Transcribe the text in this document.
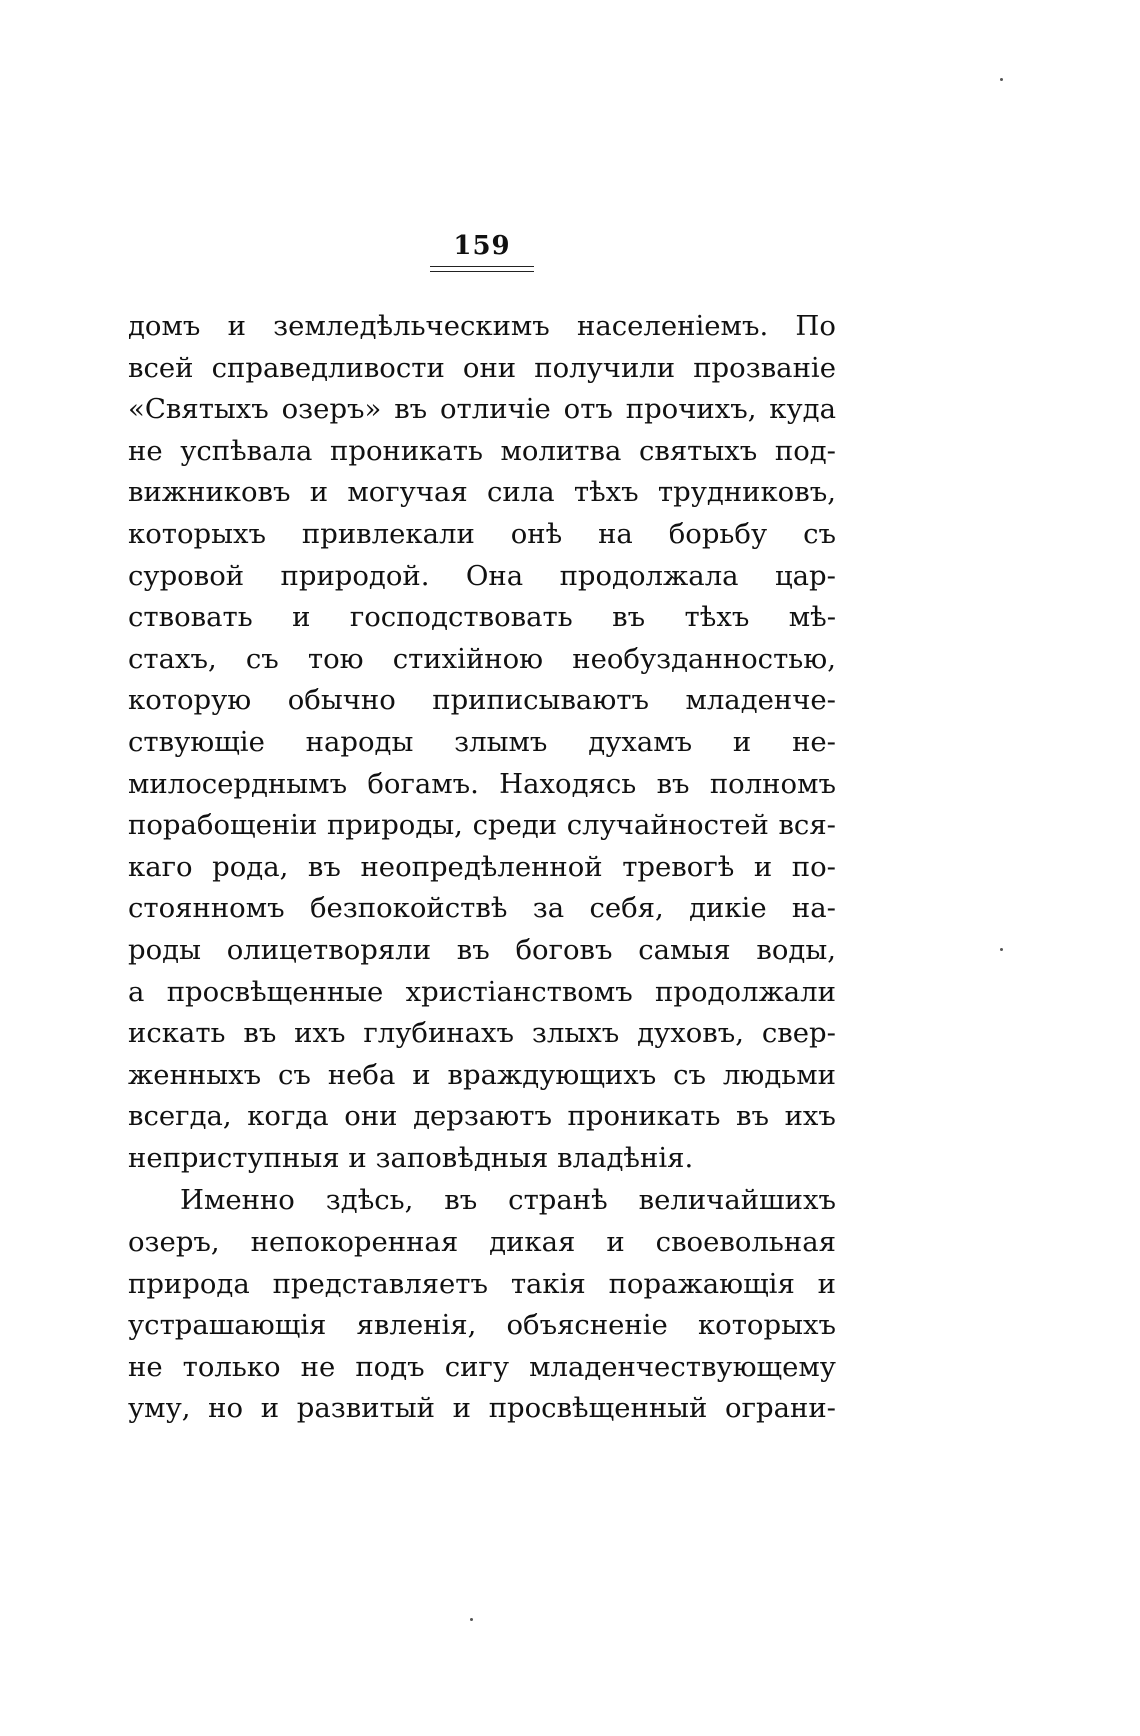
159
домъ и земледѣльческимъ населеніемъ. По
всей справедливости они получили прозваніе
«Святыхъ озеръ» въ отличіе отъ прочихъ, куда
не успѣвала проникать молитва святыхъ под-
вижниковъ и могучая сила тѣхъ трудниковъ,
которыхъ привлекали онѣ на борьбу съ
суровой природой. Она продолжала цар-
ствовать и господствовать въ тѣхъ мѣ-
стахъ, съ тою стихійною необузданностью,
которую обычно приписываютъ младенче-
ствующіе народы злымъ духамъ и не-
милосерднымъ богамъ. Находясь въ полномъ
порабощеніи природы, среди случайностей вся-
каго рода, въ неопредѣленной тревогѣ и по-
стоянномъ безпокойствѣ за себя, дикіе на-
роды олицетворяли въ боговъ самыя воды,
а просвѣщенные христіанствомъ продолжали
искать въ ихъ глубинахъ злыхъ духовъ, свер-
женныхъ съ неба и враждующихъ съ людьми
всегда, когда они дерзаютъ проникать въ ихъ
неприступныя и заповѣдныя владѣнія.
Именно здѣсь, въ странѣ величайшихъ
озеръ, непокоренная дикая и своевольная
природа представляетъ такія поражающія и
устрашающія явленія, объясненіе которыхъ
не только не подъ сигу младенчествующему
уму, но и развитый и просвѣщенный ограни-
